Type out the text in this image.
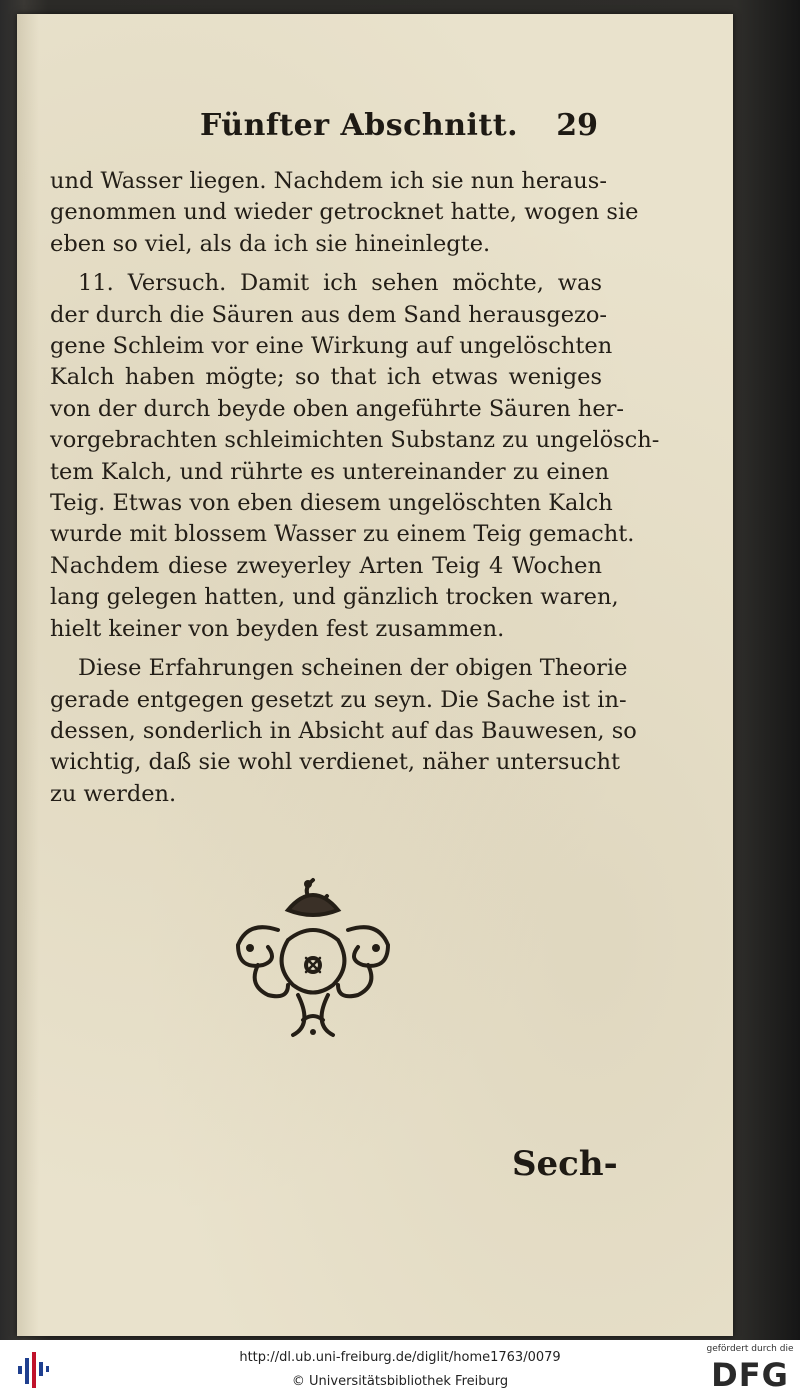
Fünfter Abschnitt. 29

und Wasser liegen. Nachdem ich sie nun heraus-
genommen und wieder getrocknet hatte, wogen sie
eben so viel, als da ich sie hineinlegte.

11. Versuch. Damit ich sehen möchte, was
der durch die Säuren aus dem Sand herausgezo-
gene Schleim vor eine Wirkung auf ungelöschten
Kalch haben mögte; so that ich etwas weniges
von der durch beyde oben angeführte Säuren her-
vorgebrachten schleimichten Substanz zu ungelösch-
tem Kalch, und rührte es untereinander zu einen
Teig. Etwas von eben diesem ungelöschten Kalch
wurde mit blossem Wasser zu einem Teig gemacht.
Nachdem diese zweyerley Arten Teig 4 Wochen
lang gelegen hatten, und gänzlich trocken waren,
hielt keiner von beyden fest zusammen.

Diese Erfahrungen scheinen der obigen Theorie
gerade entgegen gesetzt zu seyn. Die Sache ist in-
dessen, sonderlich in Absicht auf das Bauwesen, so
wichtig, daß sie wohl verdienet, näher untersucht
zu werden.

Sech-
http://dl.ub.uni-freiburg.de/diglit/home1763/0079
© Universitätsbibliothek Freiburg
gefördert durch die
DFG
